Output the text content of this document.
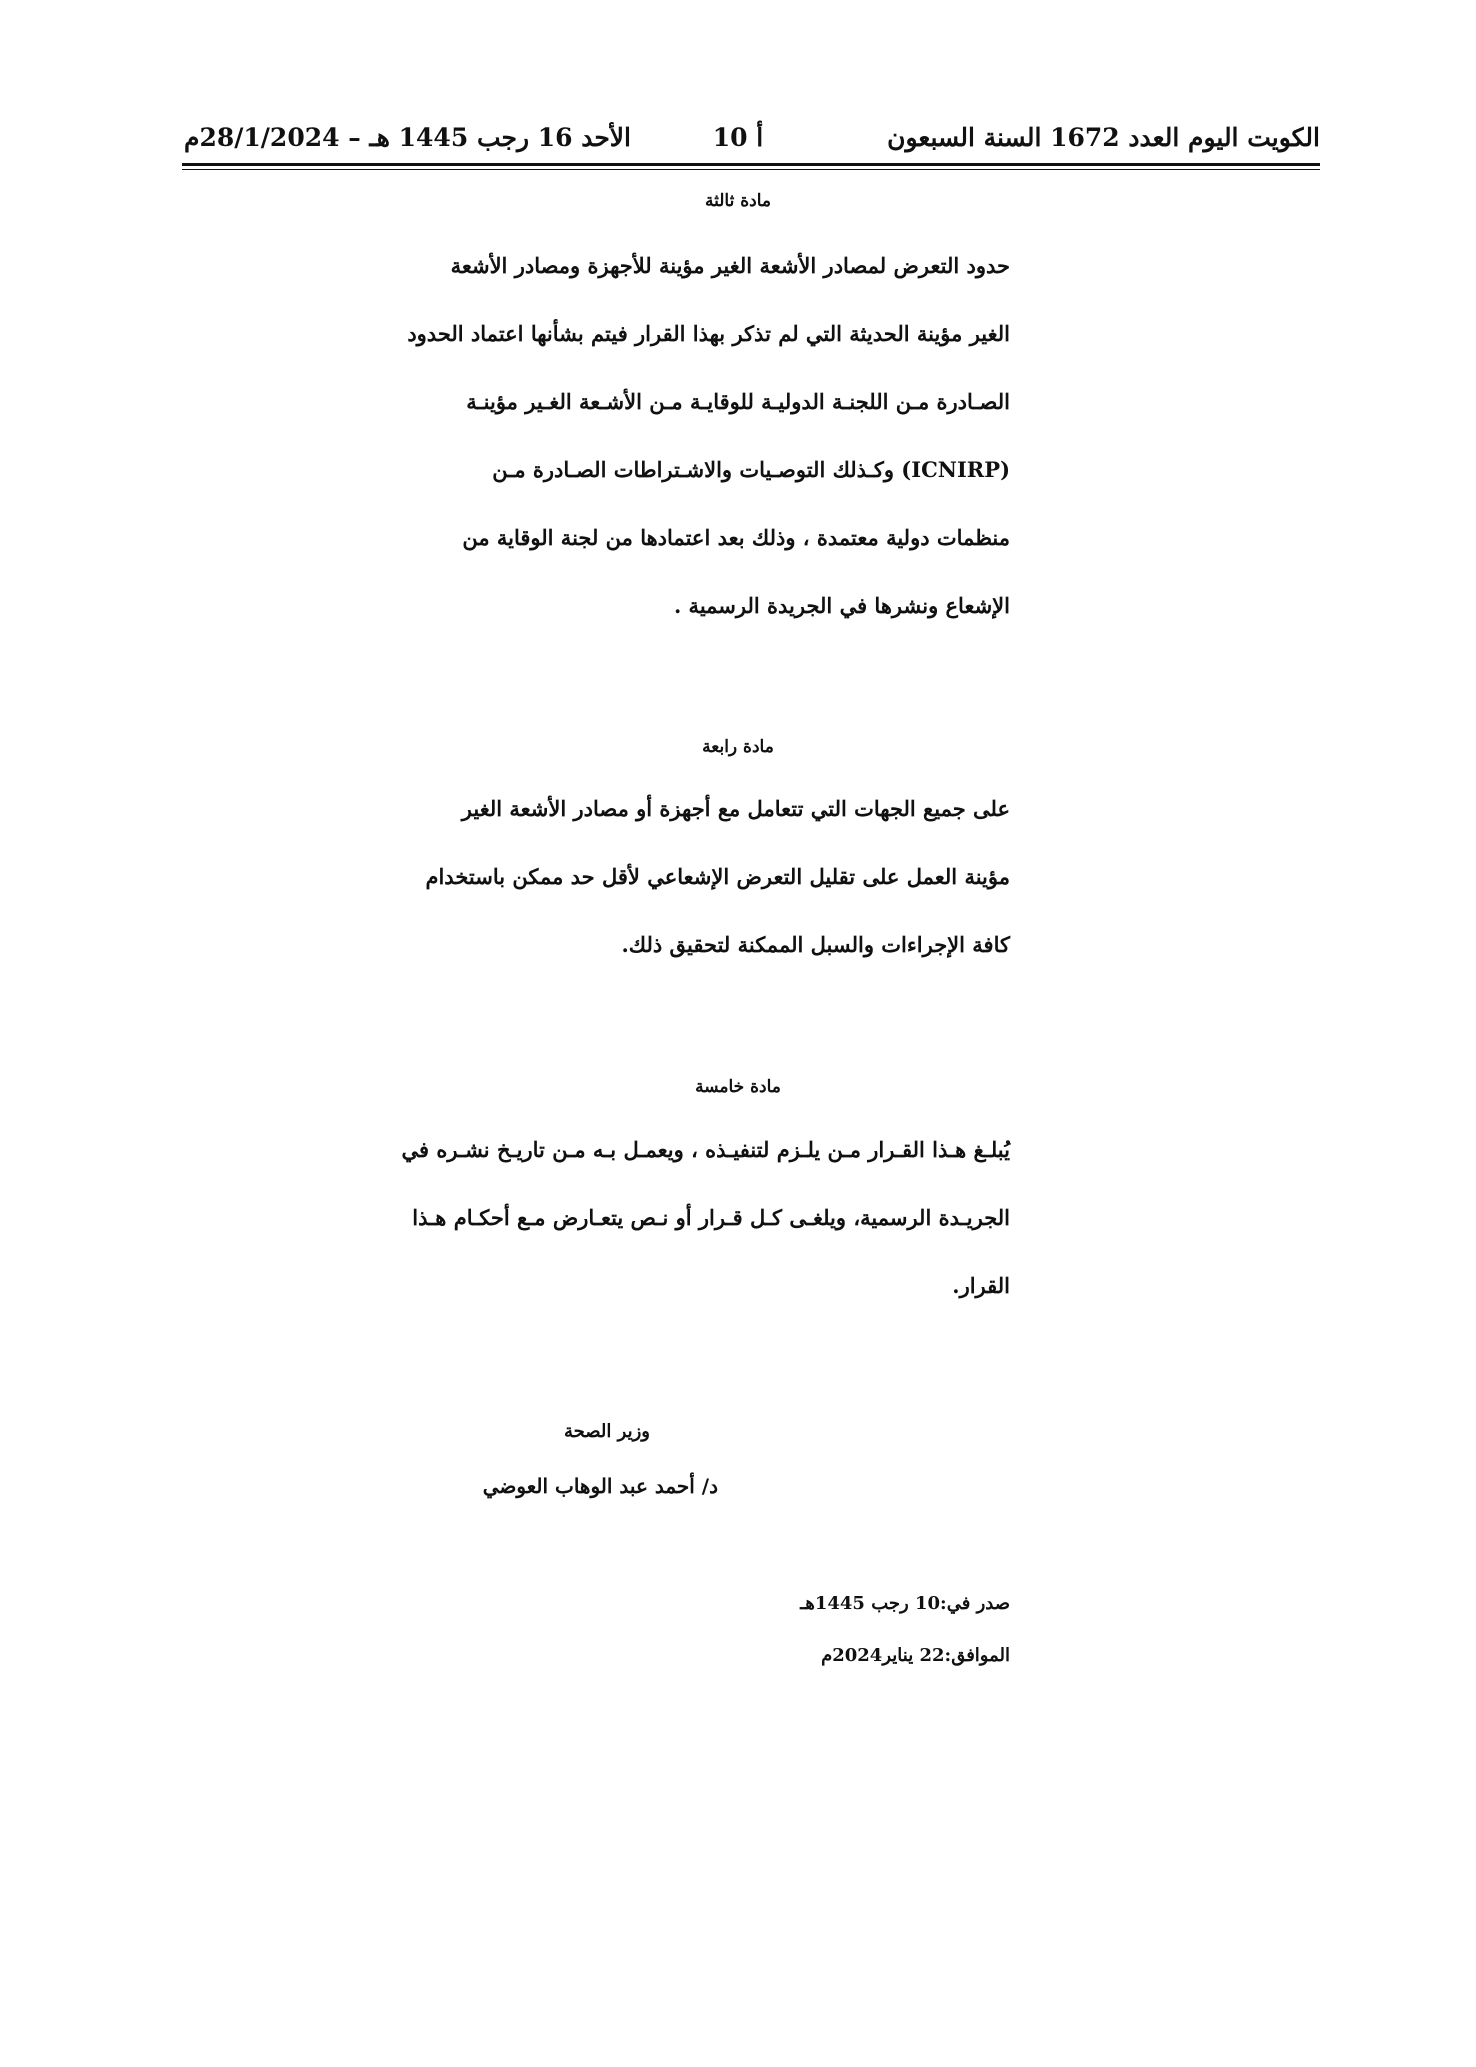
الكويت اليوم العدد 1672 السنة السبعون
أ 10
الأحد 16 رجب 1445 هـ – 28/1/2024م
مادة ثالثة

حدود التعرض لمصادر الأشعة الغير مؤينة للأجهزة ومصادر الأشعة

الغير مؤينة الحديثة التي لم تذكر بهذا القرار فيتم بشأنها اعتماد الحدود

الصـادرة مـن اللجنـة الدوليـة للوقايـة مـن الأشـعة الغـير مؤينـة

(ICNIRP) وكـذلك التوصـيات والاشـتراطات الصـادرة مـن

منظمات دولية معتمدة ، وذلك بعد اعتمادها من لجنة الوقاية من

الإشعاع ونشرها في الجريدة الرسمية .

مادة رابعة

على جميع الجهات التي تتعامل مع أجهزة أو مصادر الأشعة الغير

مؤينة العمل على تقليل التعرض الإشعاعي لأقل حد ممكن باستخدام

كافة الإجراءات والسبل الممكنة لتحقيق ذلك.

مادة خامسة

يُبلـغ هـذا القـرار مـن يلـزم لتنفيـذه ، ويعمـل بـه مـن تاريـخ نشـره في

الجريـدة الرسمية، ويلغـى كـل قـرار أو نـص يتعـارض مـع أحكـام هـذا

القرار.

وزير الصحة
د/ أحمد عبد الوهاب العوضي
صدر في:10 رجب 1445هـ
الموافق:22 يناير2024م
